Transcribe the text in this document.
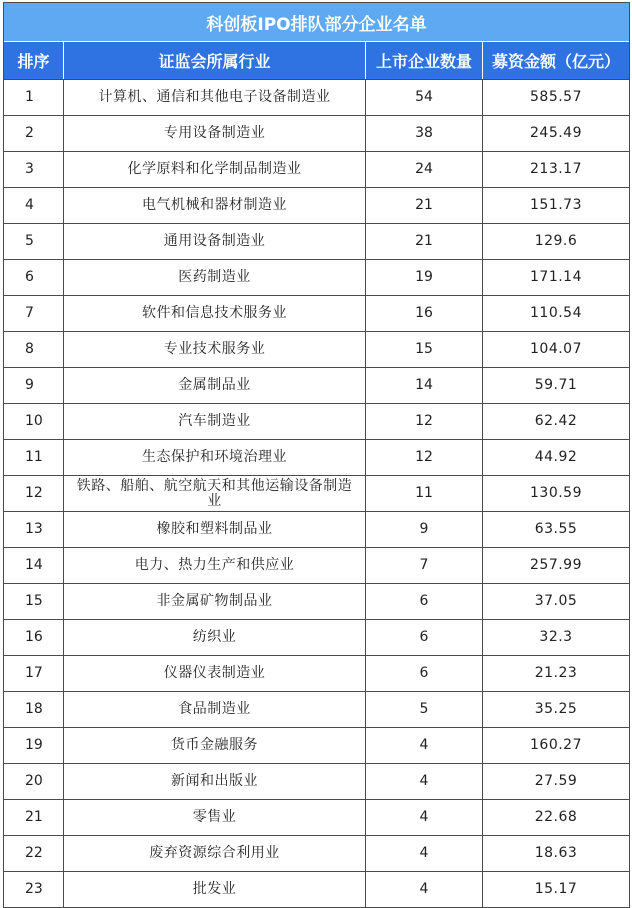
科创板IPO排队部分企业名单
排序	证监会所属行业	上市企业数量	募资金额（亿元）
1	计算机、通信和其他电子设备制造业	54	585.57
2	专用设备制造业	38	245.49
3	化学原料和化学制品制造业	24	213.17
4	电气机械和器材制造业	21	151.73
5	通用设备制造业	21	129.6
6	医药制造业	19	171.14
7	软件和信息技术服务业	16	110.54
8	专业技术服务业	15	104.07
9	金属制品业	14	59.71
10	汽车制造业	12	62.42
11	生态保护和环境治理业	12	44.92
12	铁路、船舶、航空航天和其他运输设备制造业	11	130.59
13	橡胶和塑料制品业	9	63.55
14	电力、热力生产和供应业	7	257.99
15	非金属矿物制品业	6	37.05
16	纺织业	6	32.3
17	仪器仪表制造业	6	21.23
18	食品制造业	5	35.25
19	货币金融服务	4	160.27
20	新闻和出版业	4	27.59
21	零售业	4	22.68
22	废弃资源综合利用业	4	18.63
23	批发业	4	15.17
